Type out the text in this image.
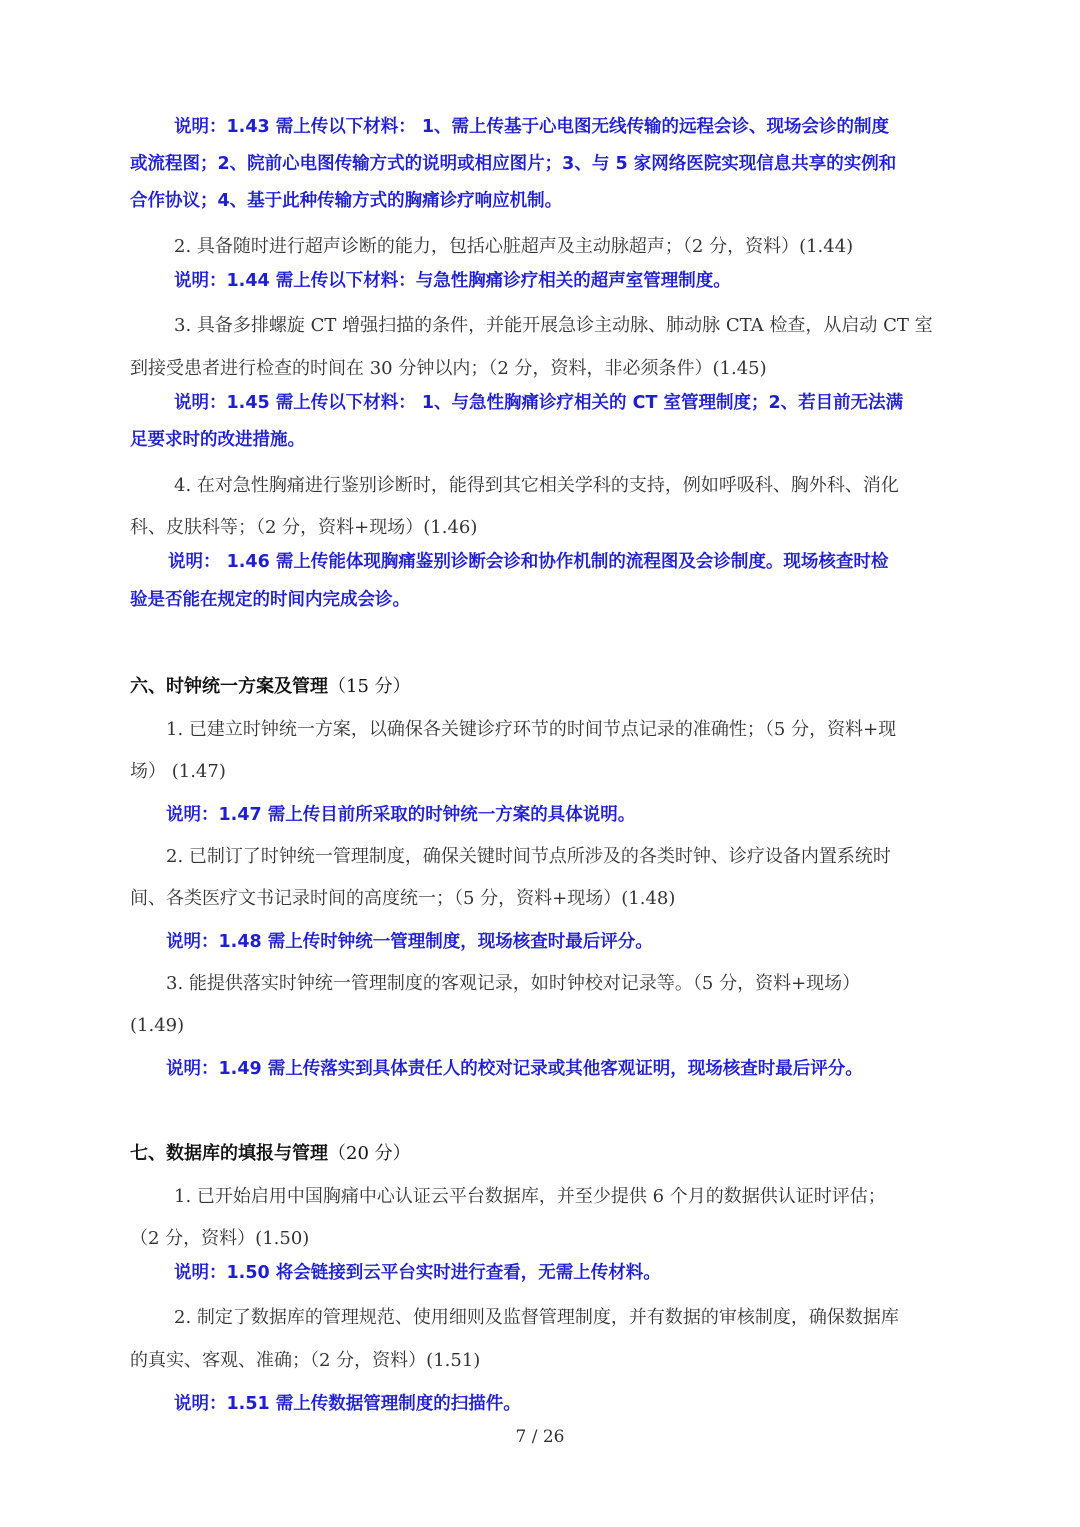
说明：1.43 需上传以下材料： 1、需上传基于心电图无线传输的远程会诊、现场会诊的制度

或流程图；2、院前心电图传输方式的说明或相应图片；3、与 5 家网络医院实现信息共享的实例和

合作协议；4、基于此种传输方式的胸痛诊疗响应机制。

2. 具备随时进行超声诊断的能力，包括心脏超声及主动脉超声；（2 分，资料）(1.44)

说明：1.44 需上传以下材料：与急性胸痛诊疗相关的超声室管理制度。

3. 具备多排螺旋 CT 增强扫描的条件，并能开展急诊主动脉、肺动脉 CTA 检查，从启动 CT 室

到接受患者进行检查的时间在 30 分钟以内；（2 分，资料，非必须条件）(1.45)

说明：1.45 需上传以下材料： 1、与急性胸痛诊疗相关的 CT 室管理制度；2、若目前无法满

足要求时的改进措施。

4. 在对急性胸痛进行鉴别诊断时，能得到其它相关学科的支持，例如呼吸科、胸外科、消化

科、皮肤科等；（2 分，资料+现场）(1.46)

说明： 1.46 需上传能体现胸痛鉴别诊断会诊和协作机制的流程图及会诊制度。现场核查时检

验是否能在规定的时间内完成会诊。

六、时钟统一方案及管理（15 分）

1. 已建立时钟统一方案，以确保各关键诊疗环节的时间节点记录的准确性；（5 分，资料+现

场） (1.47)

说明：1.47 需上传目前所采取的时钟统一方案的具体说明。

2. 已制订了时钟统一管理制度，确保关键时间节点所涉及的各类时钟、诊疗设备内置系统时

间、各类医疗文书记录时间的高度统一；（5 分，资料+现场）(1.48)

说明：1.48 需上传时钟统一管理制度，现场核查时最后评分。

3. 能提供落实时钟统一管理制度的客观记录，如时钟校对记录等。（5 分，资料+现场）

(1.49)

说明：1.49 需上传落实到具体责任人的校对记录或其他客观证明，现场核查时最后评分。

七、数据库的填报与管理（20 分）

1. 已开始启用中国胸痛中心认证云平台数据库，并至少提供 6 个月的数据供认证时评估；

（2 分，资料）(1.50)

说明：1.50 将会链接到云平台实时进行查看，无需上传材料。

2. 制定了数据库的管理规范、使用细则及监督管理制度，并有数据的审核制度，确保数据库

的真实、客观、准确；（2 分，资料）(1.51)

说明：1.51 需上传数据管理制度的扫描件。

7 / 26
